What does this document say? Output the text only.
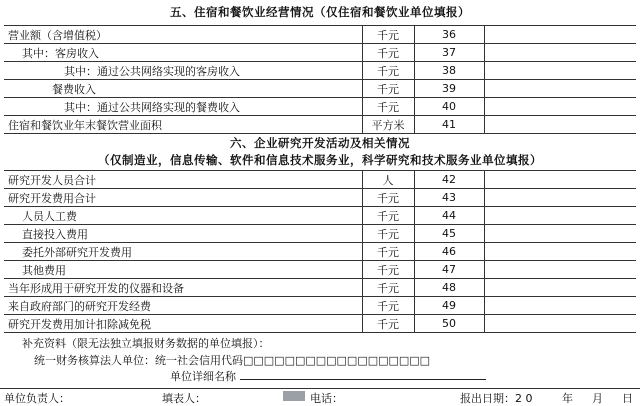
五、住宿和餐饮业经营情况（仅住宿和餐饮业单位填报）
营业额（含增值税）	千元	36	
其中：客房收入	千元	37	
其中：通过公共网络实现的客房收入	千元	38	
餐费收入	千元	39	
其中：通过公共网络实现的餐费收入	千元	40	
住宿和餐饮业年末餐饮营业面积	平方米	41	
六、企业研究开发活动及相关情况
（仅制造业，信息传输、软件和信息技术服务业，科学研究和技术服务业单位填报）
研究开发人员合计	人	42	
研究开发费用合计	千元	43	
人员人工费	千元	44	
直接投入费用	千元	45	
委托外部研究开发费用	千元	46	
其他费用	千元	47	
当年形成用于研究开发的仪器和设备	千元	48	
来自政府部门的研究开发经费	千元	49	
研究开发费用加计扣除减免税	千元	50	
补充资料（限无法独立填报财务数据的单位填报）：
统一财务核算法人单位：统一社会信用代码□□□□□□□□□□□□□□□□□□
单位详细名称
单位负责人：	填表人：	电话：	报出日期：2 0	年 月 日
